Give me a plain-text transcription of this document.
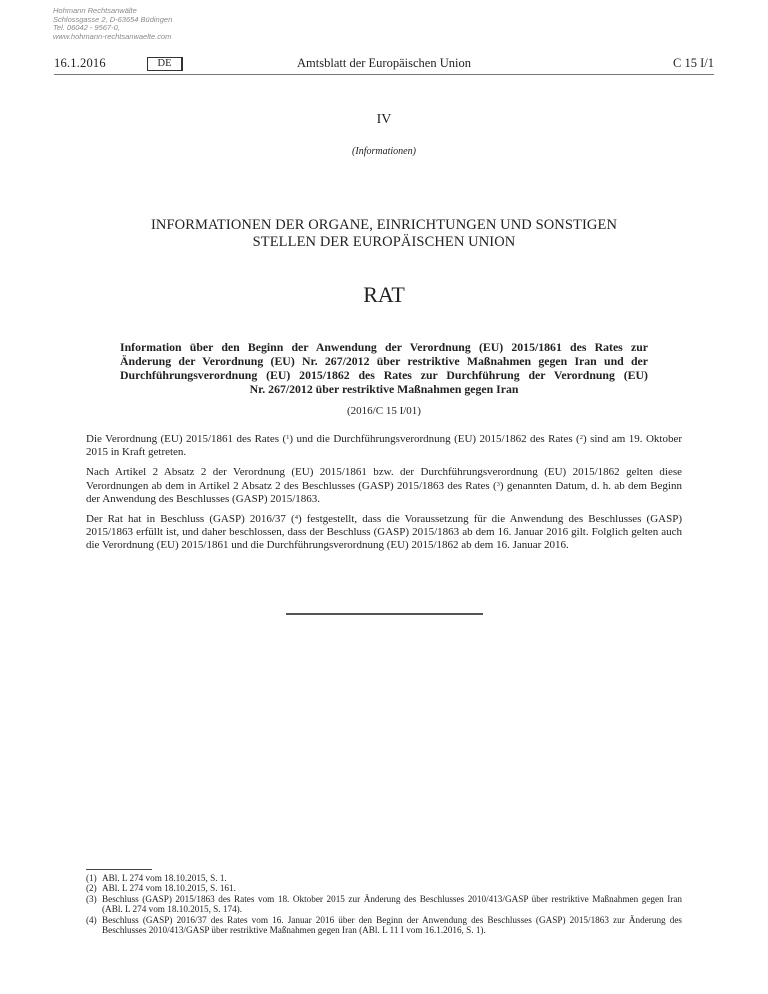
Hohmann Rechtsanwälte
Schlossgasse 2, D-63654 Büdingen
Tel. 06042 - 9567-0,
www.hohmann-rechtsanwaelte.com
Amtsblatt der Europäischen Union
16.1.2016	DE	C 15 I/1
IV
(Informationen)
INFORMATIONEN DER ORGANE, EINRICHTUNGEN UND SONSTIGEN
STELLEN DER EUROPÄISCHEN UNION
RAT
Information über den Beginn der Anwendung der Verordnung (EU) 2015/1861 des Rates zur
Änderung der Verordnung (EU) Nr. 267/2012 über restriktive Maßnahmen gegen Iran und der
Durchführungsverordnung (EU) 2015/1862 des Rates zur Durchführung der Verordnung (EU)
Nr. 267/2012 über restriktive Maßnahmen gegen Iran
(2016/C 15 I/01)

Die Verordnung (EU) 2015/1861 des Rates ($^1$) und die Durchführungsverordnung (EU) 2015/1862 des Rates ($^2$) sind am 19. Oktober 2015 in Kraft getreten.

Nach Artikel 2 Absatz 2 der Verordnung (EU) 2015/1861 bzw. der Durchführungsverordnung (EU) 2015/1862 gelten diese Verordnungen ab dem in Artikel 2 Absatz 2 des Beschlusses (GASP) 2015/1863 des Rates ($^3$) genannten Datum, d. h. ab dem Beginn der Anwendung des Beschlusses (GASP) 2015/1863.

Der Rat hat in Beschluss (GASP) 2016/37 ($^4$) festgestellt, dass die Voraussetzung für die Anwendung des Beschlusses (GASP) 2015/1863 erfüllt ist, und daher beschlossen, dass der Beschluss (GASP) 2015/1863 ab dem 16. Januar 2016 gilt. Folglich gelten auch die Verordnung (EU) 2015/1861 und die Durchführungsverordnung (EU) 2015/1862 ab dem 16. Januar 2016.

(1) ABl. L 274 vom 18.10.2015, S. 1.
(2) ABl. L 274 vom 18.10.2015, S. 161.
(3) Beschluss (GASP) 2015/1863 des Rates vom 18. Oktober 2015 zur Änderung des Beschlusses 2010/413/GASP über restriktive Maßnahmen gegen Iran (ABl. L 274 vom 18.10.2015, S. 174).
(4) Beschluss (GASP) 2016/37 des Rates vom 16. Januar 2016 über den Beginn der Anwendung des Beschlusses (GASP) 2015/1863 zur Änderung des Beschlusses 2010/413/GASP über restriktive Maßnahmen gegen Iran (ABl. L 11 I vom 16.1.2016, S. 1).
